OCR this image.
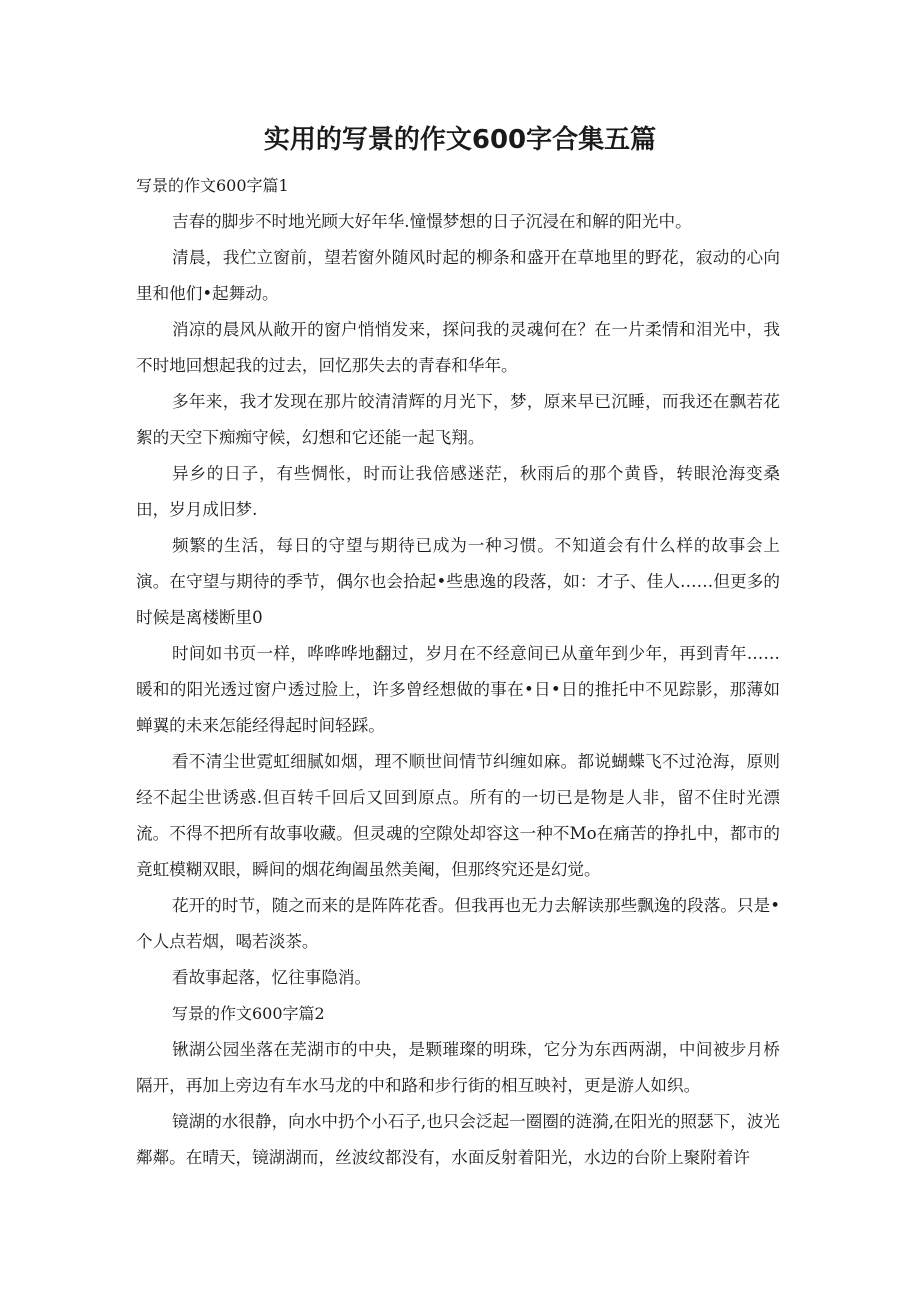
实用的写景的作文600字合集五篇

写景的作文600字篇1

吉春的脚步不时地光顾大好年华.憧憬梦想的日子沉浸在和解的阳光中。

清晨，我伫立窗前，望若窗外随风时起的柳条和盛开在草地里的野花，寂动的心向里和他们•起舞动。

消凉的晨风从敞开的窗户悄悄发来，探问我的灵魂何在？在一片柔情和泪光中，我不时地回想起我的过去，回忆那失去的青春和华年。

多年来，我才发现在那片皎清清辉的月光下，梦，原来早已沉睡，而我还在飘若花絮的天空下痴痴守候，幻想和它还能一起飞翔。

异乡的日子，有些惆怅，时而让我倍感迷茫，秋雨后的那个黄昏，转眼沧海变桑田，岁月成旧梦.

频繁的生活，每日的守望与期待已成为一种习惯。不知道会有什么样的故事会上演。在守望与期待的季节，偶尔也会拾起•些患逸的段落，如：才子、佳人……但更多的时候是离楼断里0

时间如书页一样，哗哗哗地翻过，岁月在不经意间已从童年到少年，再到青年……暖和的阳光透过窗户透过脸上，许多曾经想做的事在•日•日的推托中不见踪影，那薄如蝉翼的未来怎能经得起时间轻踩。

看不清尘世霓虹细腻如烟，理不顺世间情节纠缠如麻。都说蝴蝶飞不过沧海，原则经不起尘世诱惑.但百转千回后又回到原点。所有的一切已是物是人非，留不住时光漂流。不得不把所有故事收藏。但灵魂的空隙处却容这一种不Mo在痛苦的挣扎中，都市的竟虹模糊双眼，瞬间的烟花绚阖虽然美阉，但那终究还是幻觉。

花开的时节，随之而来的是阵阵花香。但我再也无力去解读那些飘逸的段落。只是•个人点若烟，喝若淡茶。

看故事起落，忆往事隐消。

写景的作文600字篇2

锹湖公园坐落在芜湖市的中央，是颗璀璨的明珠，它分为东西两湖，中间被步月桥隔开，再加上旁边有车水马龙的中和路和步行街的相互映衬，更是游人如织。

镜湖的水很静，向水中扔个小石子,也只会泛起一圈圈的涟漪,在阳光的照瑟下，波光鄰鄰。在晴天，镜湖湖而，丝波纹都没有，水面反射着阳光，水边的台阶上聚附着许
